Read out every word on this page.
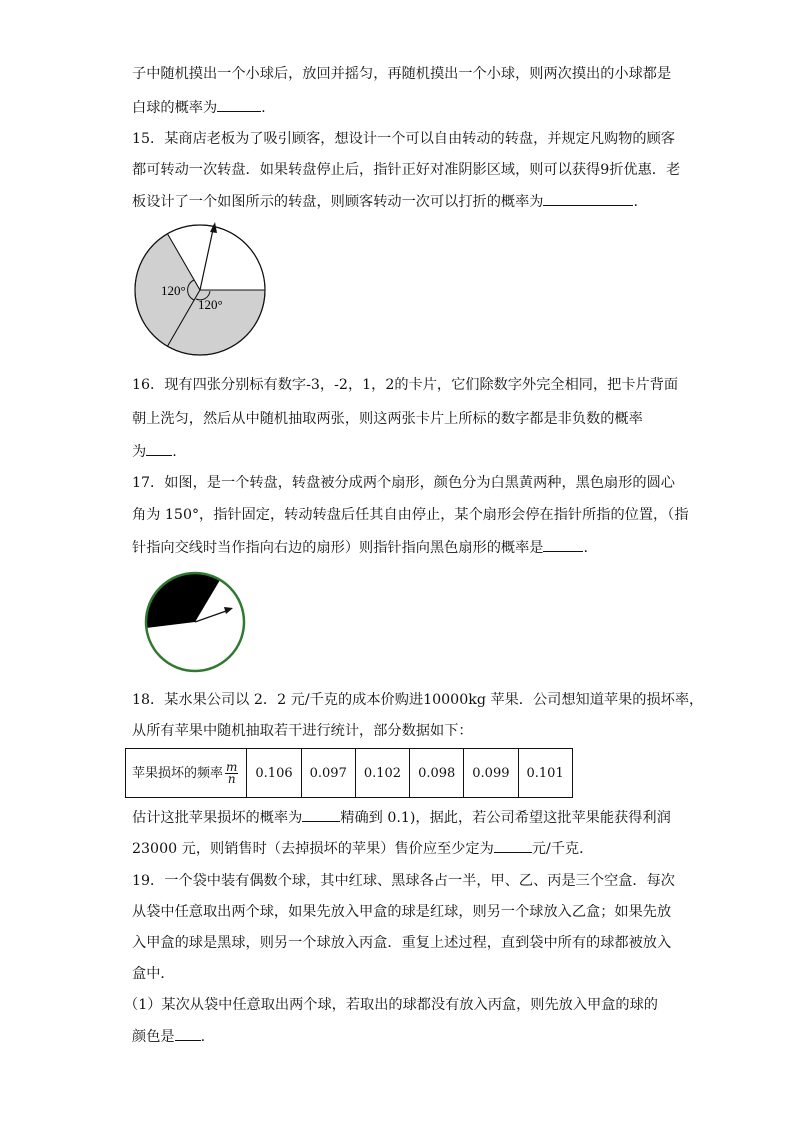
子中随机摸出一个小球后，放回并摇匀，再随机摸出一个小球，则两次摸出的小球都是
白球的概率为	.
15．某商店老板为了吸引顾客，想设计一个可以自由转动的转盘，并规定凡购物的顾客
都可转动一次转盘．如果转盘停止后，指针正好对准阴影区域，则可以获得9折优惠．老
板设计了一个如图所示的转盘，则顾客转动一次可以打折的概率为	.
120°
120°
16．现有四张分别标有数字-3，-2，1，2的卡片，它们除数字外完全相同，把卡片背面
朝上洗匀，然后从中随机抽取两张，则这两张卡片上所标的数字都是非负数的概率
为 .
17．如图，是一个转盘，转盘被分成两个扇形，颜色分为白黑黄两种，黑色扇形的圆心
角为 150°，指针固定，转动转盘后任其自由停止，某个扇形会停在指针所指的位置，（指
针指向交线时当作指向右边的扇形）则指针指向黑色扇形的概率是	.
18．某水果公司以 2．2 元/千克的成本价购进10000kg 苹果．公司想知道苹果的损坏率，
从所有苹果中随机抽取若干进行统计，部分数据如下：
苹果损坏的频率 $\frac{m}{n}$	0.106	0.097	0.102	0.098	0.099	0.101
估计这批苹果损坏的概率为	精确到 0.1)，据此，若公司希望这批苹果能获得利润
23000 元，则销售时（去掉损坏的苹果）售价应至少定为	元/千克．
19．一个袋中装有偶数个球，其中红球、黑球各占一半，甲、乙、丙是三个空盒．每次
从袋中任意取出两个球，如果先放入甲盒的球是红球，则另一个球放入乙盒；如果先放
入甲盒的球是黑球，则另一个球放入丙盒．重复上述过程，直到袋中所有的球都被放入
盒中．
（1）某次从袋中任意取出两个球，若取出的球都没有放入丙盒，则先放入甲盒的球的
颜色是 .
